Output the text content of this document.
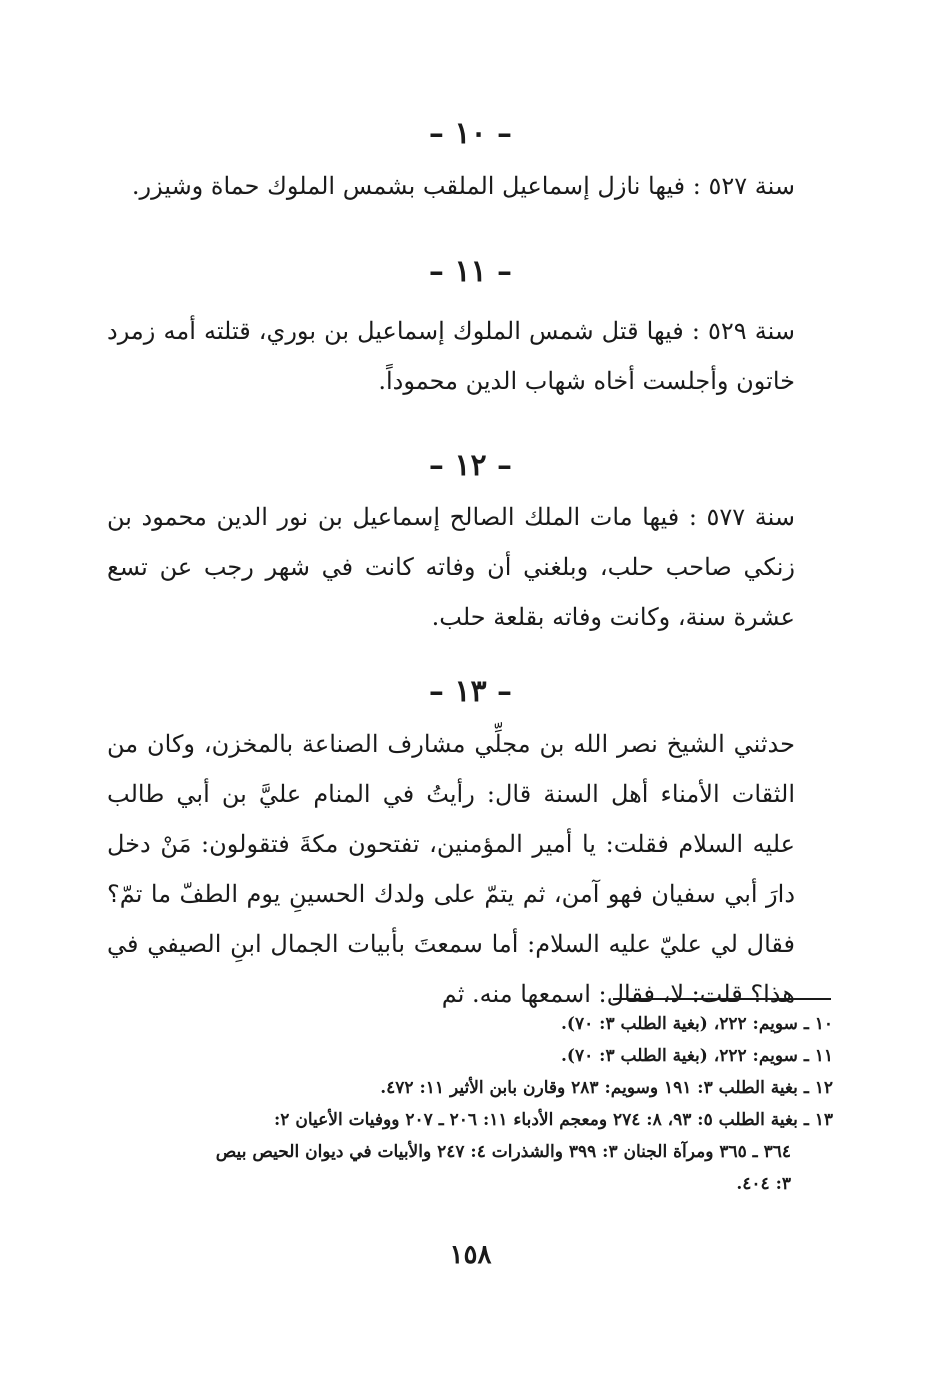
– ١٠ –
سنة ٥٢٧ : فيها نازل إسماعيل الملقب بشمس الملوك حماة وشيزر.
– ١١ –
سنة ٥٢٩ : فيها قتل شمس الملوك إسماعيل بن بوري، قتلته أمه زمرد خاتون وأجلست أخاه شهاب الدين محموداً.
– ١٢ –
سنة ٥٧٧ : فيها مات الملك الصالح إسماعيل بن نور الدين محمود بن زنكي صاحب حلب، وبلغني أن وفاته كانت في شهر رجب عن تسع عشرة سنة، وكانت وفاته بقلعة حلب.
– ١٣ –
حدثني الشيخ نصر الله بن مجلِّي مشارف الصناعة بالمخزن، وكان من الثقات الأمناء أهل السنة قال: رأيتُ في المنام عليَّ بن أبي طالب عليه السلام فقلت: يا أمير المؤمنين، تفتحون مكةَ فتقولون: مَنْ دخل دارَ أبي سفيان فهو آمن، ثم يتمّ على ولدك الحسينِ يوم الطفّ ما تمّ؟ فقال لي عليّ عليه السلام: أما سمعتَ بأبيات الجمال ابنِ الصيفي في هذا؟ قلت: لا، فقال: اسمعها منه. ثم

١٠ ـ سويم: ٢٢٢، (بغية الطلب ٣: ٧٠).

١١ ـ سويم: ٢٢٢، (بغية الطلب ٣: ٧٠).

١٢ ـ بغية الطلب ٣: ١٩١ وسويم: ٢٨٣ وقارن بابن الأثير ١١: ٤٧٢.

١٣ ـ بغية الطلب ٥: ٩٣، ٨: ٢٧٤ ومعجم الأدباء ١١: ٢٠٦ ـ ٢٠٧ ووفيات الأعيان ٢:

٣٦٤ ـ ٣٦٥ ومرآة الجنان ٣: ٣٩٩ والشذرات ٤: ٢٤٧ والأبيات في ديوان الحيص بيص

٣: ٤٠٤.

١٥٨
